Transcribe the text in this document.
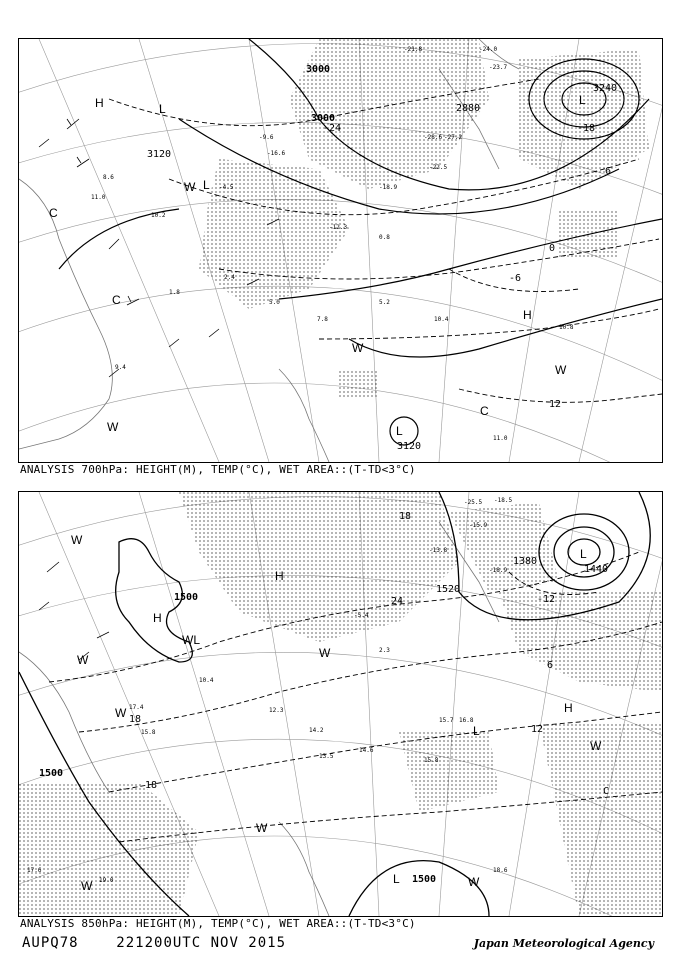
H	L
W L
C
C
W
H
W
C
L
L
W
3000
3000
3120
2880
3120
3240
-24	-18
0
-6
12
6
-21.8
-27.2
-18.9
-22.5
-16.6
-12.3
-4.5
8.6
11.0
10.2
2.4
5.0
0.8
5.2
10.4
10.8
11.0
9.4
7.8
1.8
-9.6	-28.6
-24.0
-23.7
ANALYSIS 700hPa: HEIGHT(M), TEMP(°C), WET AREA::(T-TD<3°C)
W
H
H
WL
W
L
H
W
W
W
L
W	L
W
W
1500
1500
1500
1520
1380
1440
18
24	-12
6
12
18
18
C
-18.5
-25.5
-15.9
-13.8
-18.9
15.7 16.8
17.4
15.8
14.6
18.6
19.0
17.6
13.5
15.8
14.2
12.3
-5.4
2.3
10.4
ANALYSIS 850hPa: HEIGHT(M), TEMP(°C), WET AREA::(T-TD<3°C)
AUPQ78	221200UTC NOV 2015	Japan Meteorological Agency
